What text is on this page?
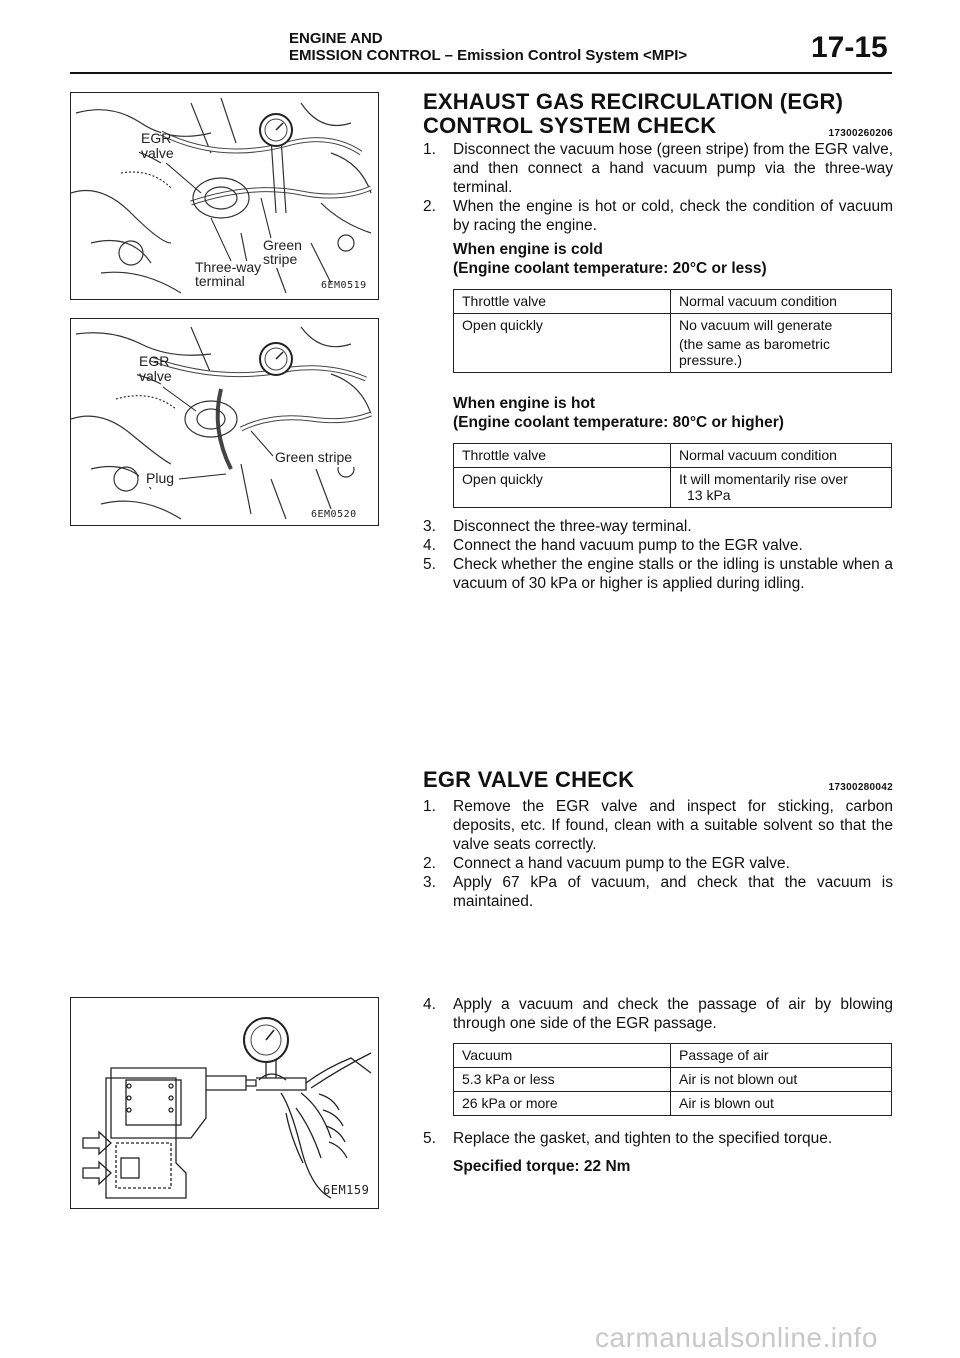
ENGINE AND
EMISSION CONTROL – Emission Control System <MPI>	17-15
EGR
valve
Three-way
terminal
Green
stripe
6EM0519
EGR
valve
Plug
Green stripe
6EM0520
6EM159
EXHAUST GAS RECIRCULATION (EGR)
CONTROL SYSTEM CHECK	17300260206
1. Disconnect the vacuum hose (green stripe) from the EGR valve, and then connect a hand vacuum pump via the three-way terminal.
2. When the engine is hot or cold, check the condition of vacuum by racing the engine.
When engine is cold
(Engine coolant temperature: 20°C or less)
Throttle valve	Normal vacuum condition
Open quickly	No vacuum will generate
(the same as barometric pressure.)
When engine is hot
(Engine coolant temperature: 80°C or higher)
Throttle valve	Normal vacuum condition
Open quickly	It will momentarily rise over
13 kPa
3. Disconnect the three-way terminal.
4. Connect the hand vacuum pump to the EGR valve.
5. Check whether the engine stalls or the idling is unstable when a vacuum of 30 kPa or higher is applied during idling.
EGR VALVE CHECK	17300280042
1. Remove the EGR valve and inspect for sticking, carbon deposits, etc. If found, clean with a suitable solvent so that the valve seats correctly.
2. Connect a hand vacuum pump to the EGR valve.
3. Apply 67 kPa of vacuum, and check that the vacuum is maintained.
4. Apply a vacuum and check the passage of air by blowing through one side of the EGR passage.
Vacuum	Passage of air
5.3 kPa or less	Air is not blown out
26 kPa or more	Air is blown out
5. Replace the gasket, and tighten to the specified torque.
Specified torque: 22 Nm
carmanualsonline.info
